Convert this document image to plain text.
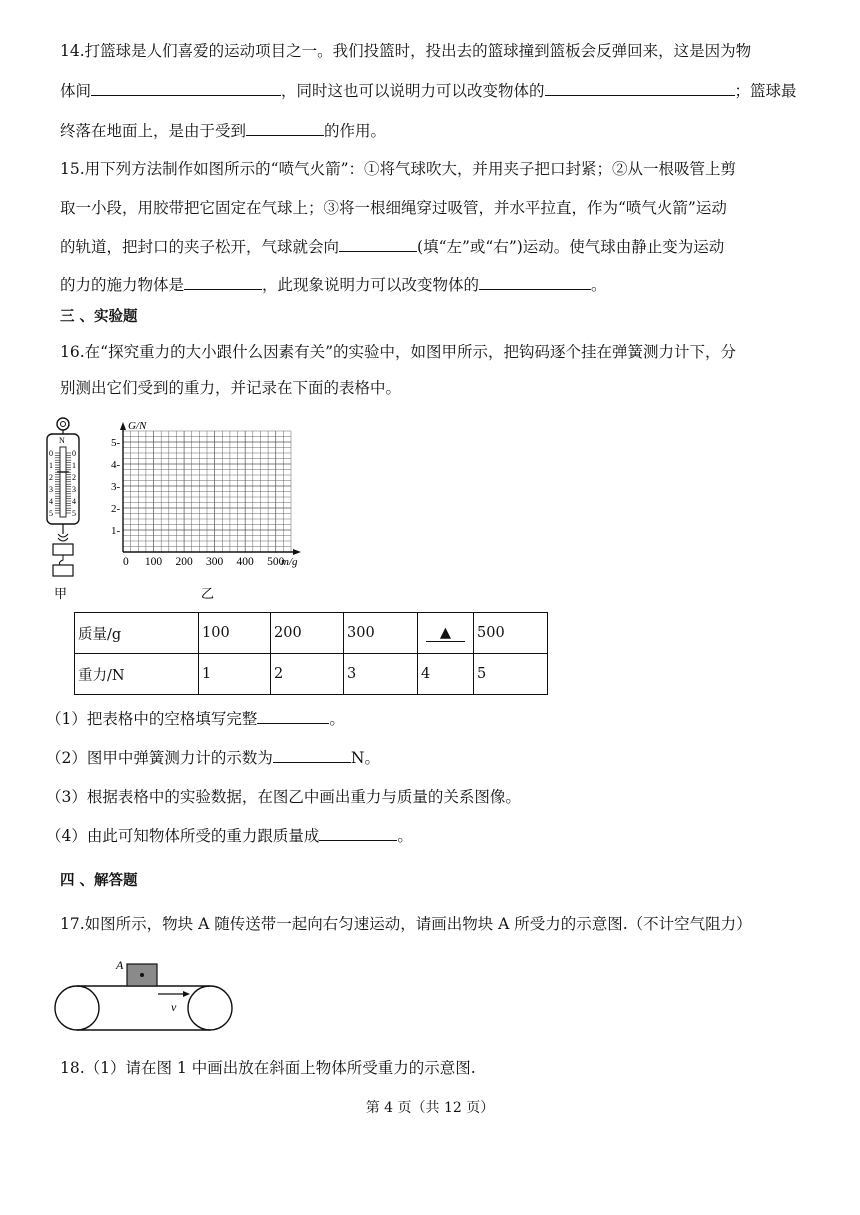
14.打篮球是人们喜爱的运动项目之一。我们投篮时，投出去的篮球撞到篮板会反弹回来，这是因为物
体间	，同时这也可以说明力可以改变物体的	；篮球最
终落在地面上，是由于受到	的作用。
15.用下列方法制作如图所示的“喷气火箭”：①将气球吹大，并用夹子把口封紧；②从一根吸管上剪
取一小段，用胶带把它固定在气球上；③将一根细绳穿过吸管，并水平拉直，作为“喷气火箭”运动
的轨道，把封口的夹子松开，气球就会向	(填“左”或“右”)运动。使气球由静止变为运动
的力的施力物体是	，此现象说明力可以改变物体的	。
三 、实验题
16.在“探究重力的大小跟什么因素有关”的实验中，如图甲所示，把钩码逐个挂在弹簧测力计下，分
别测出它们受到的重力，并记录在下面的表格中。
0 0
1 1
2 2
3 3
4 4
5 5
N
甲
G/N
1-
2-
3-
4-
5-
0 100 200 300 400 500
m/g
乙
质量/g	100	200	300	▲	500
重力/N	1	2	3	4	5
（1）把表格中的空格填写完整	。
（2）图甲中弹簧测力计的示数为	N。
（3）根据表格中的实验数据，在图乙中画出重力与质量的关系图像。
（4）由此可知物体所受的重力跟质量成	。
四 、解答题
17.如图所示，物块 A 随传送带一起向右匀速运动，请画出物块 A 所受力的示意图.（不计空气阻力）
A
v
18.（1）请在图 1 中画出放在斜面上物体所受重力的示意图.
第 4 页（共 12 页）
